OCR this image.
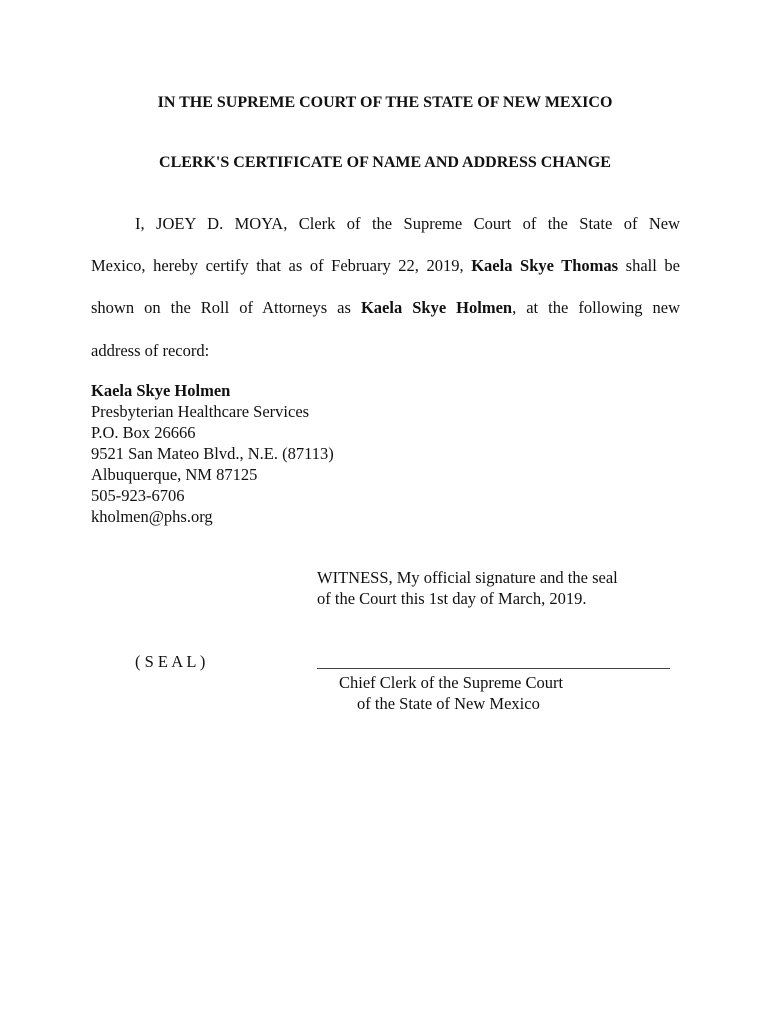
IN THE SUPREME COURT OF THE STATE OF NEW MEXICO
CLERK'S CERTIFICATE OF NAME AND ADDRESS CHANGE
I, JOEY D. MOYA, Clerk of the Supreme Court of the State of New
Mexico, hereby certify that as of February 22, 2019, Kaela Skye Thomas shall be
shown on the Roll of Attorneys as Kaela Skye Holmen, at the following new
address of record:
Kaela Skye Holmen
Presbyterian Healthcare Services
P.O. Box 26666
9521 San Mateo Blvd., N.E. (87113)
Albuquerque, NM 87125
505-923-6706
kholmen@phs.org
WITNESS, My official signature and the seal
of the Court this 1st day of March, 2019.
( S E A L )
Chief Clerk of the Supreme Court
of the State of New Mexico
